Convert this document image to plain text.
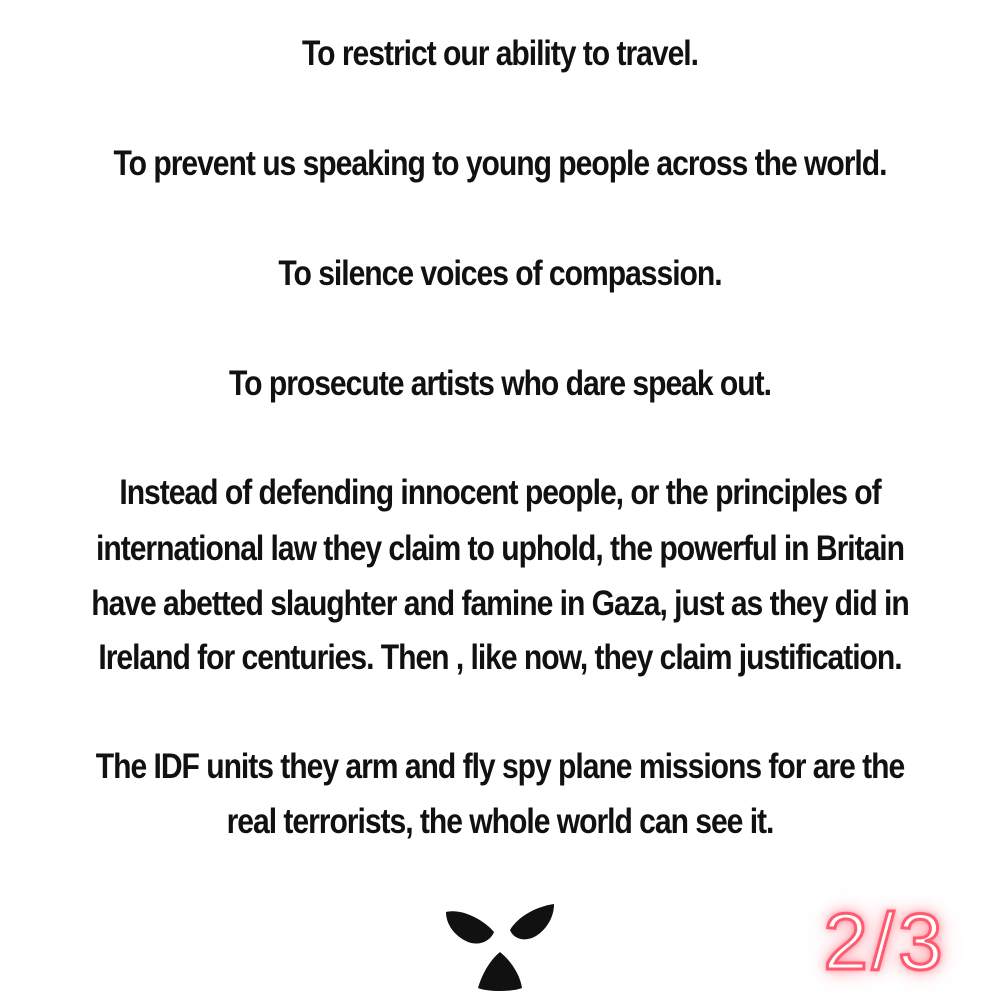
To restrict our ability to travel.
To prevent us speaking to young people across the world.
To silence voices of compassion.
To prosecute artists who dare speak out.
Instead of defending innocent people, or the principles of
international law they claim to uphold, the powerful in Britain
have abetted slaughter and famine in Gaza, just as they did in
Ireland for centuries. Then , like now, they claim justification.
The IDF units they arm and fly spy plane missions for are the
real terrorists, the whole world can see it.
2/3
